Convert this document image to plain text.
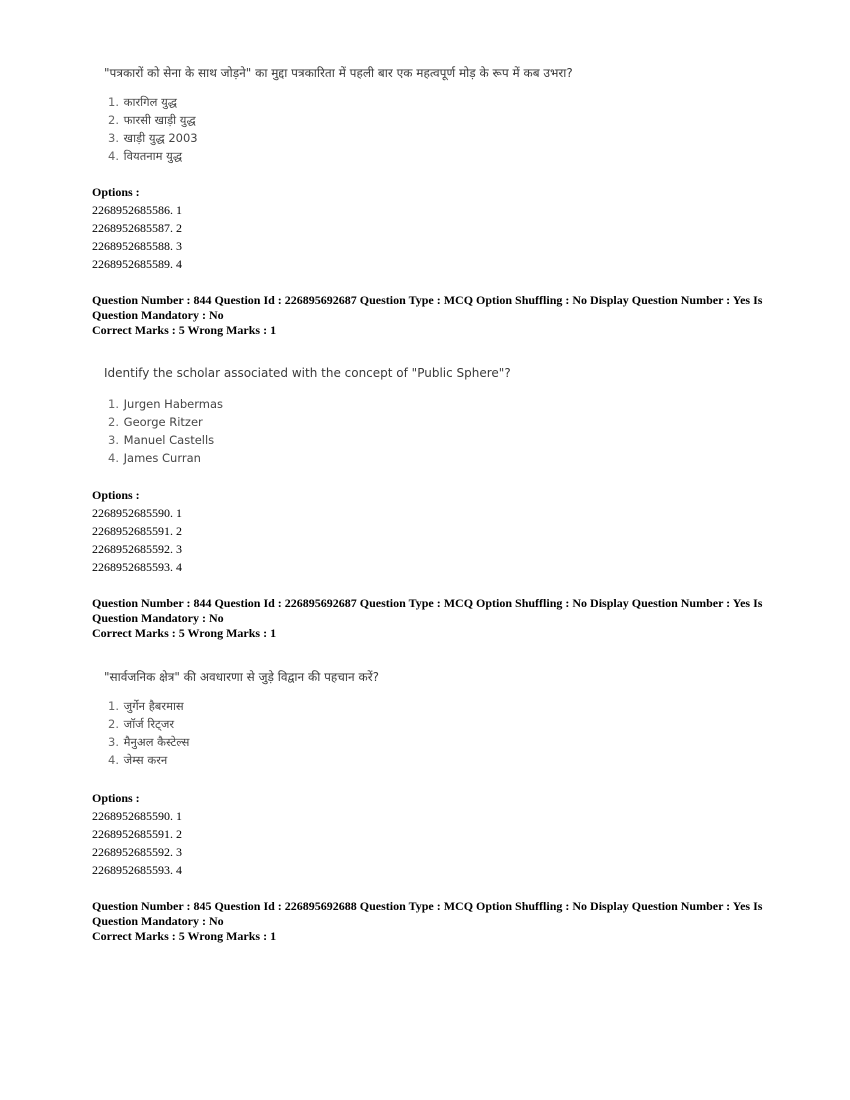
"पत्रकारों को सेना के साथ जोड़ने" का मुद्दा पत्रकारिता में पहली बार एक महत्वपूर्ण मोड़ के रूप में कब उभरा?
1. कारगिल युद्ध
2. फारसी खाड़ी युद्ध
3. खाड़ी युद्ध 2003
4. वियतनाम युद्ध
Options :
2268952685586. 1
2268952685587. 2
2268952685588. 3
2268952685589. 4
Question Number : 844 Question Id : 226895692687 Question Type : MCQ Option Shuffling : No Display Question Number : Yes Is
Question Mandatory : No
Correct Marks : 5 Wrong Marks : 1
Identify the scholar associated with the concept of "Public Sphere"?
1. Jurgen Habermas
2. George Ritzer
3. Manuel Castells
4. James Curran
Options :
2268952685590. 1
2268952685591. 2
2268952685592. 3
2268952685593. 4
Question Number : 844 Question Id : 226895692687 Question Type : MCQ Option Shuffling : No Display Question Number : Yes Is
Question Mandatory : No
Correct Marks : 5 Wrong Marks : 1
"सार्वजनिक क्षेत्र" की अवधारणा से जुड़े विद्वान की पहचान करें?
1. जुर्गेन हैबरमास
2. जॉर्ज रिट्जर
3. मैनुअल कैस्टेल्स
4. जेम्स करन
Options :
2268952685590. 1
2268952685591. 2
2268952685592. 3
2268952685593. 4
Question Number : 845 Question Id : 226895692688 Question Type : MCQ Option Shuffling : No Display Question Number : Yes Is
Question Mandatory : No
Correct Marks : 5 Wrong Marks : 1
